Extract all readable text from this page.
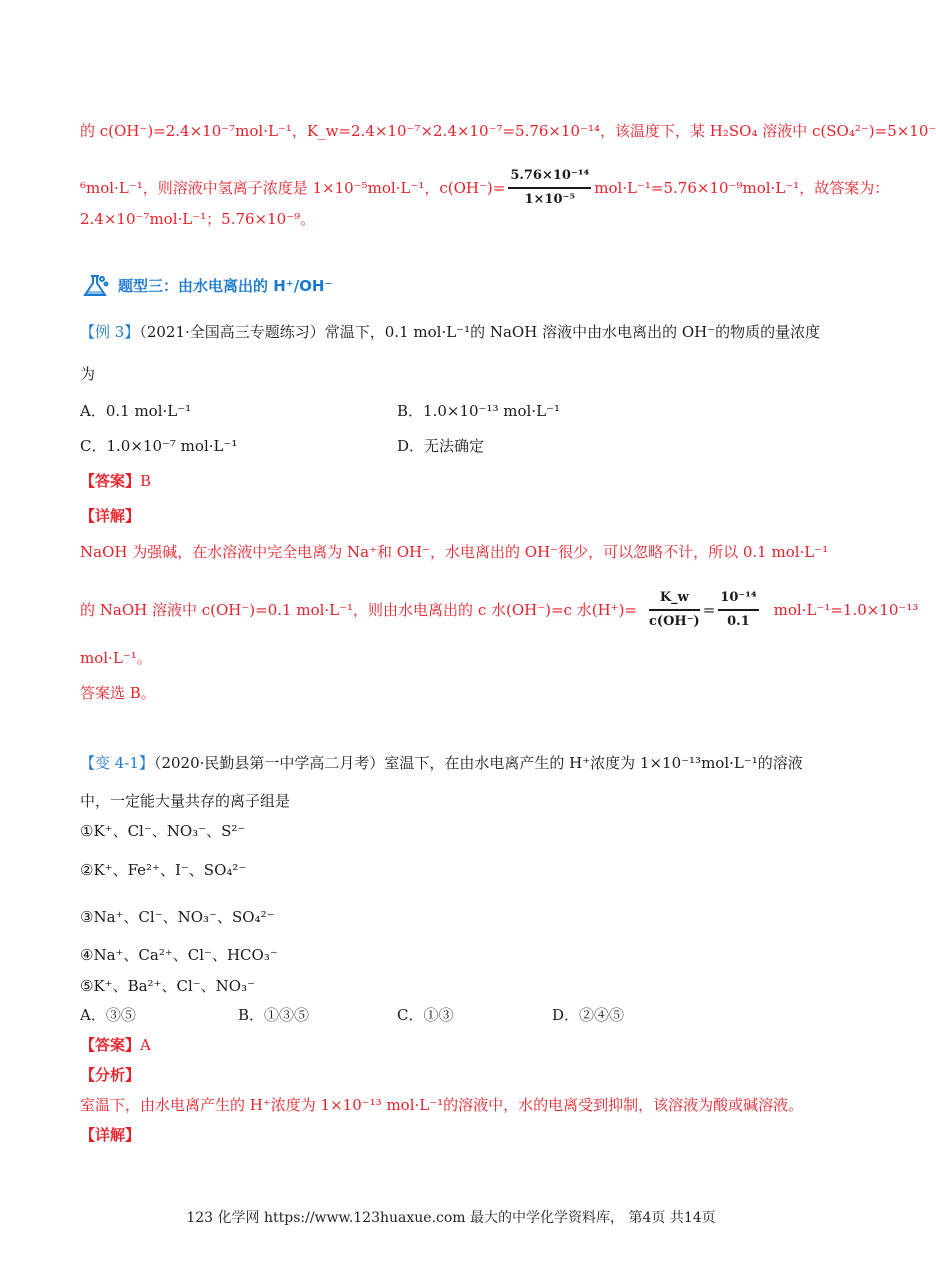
的 c(OH⁻)=2.4×10⁻⁷mol·L⁻¹，K_w=2.4×10⁻⁷×2.4×10⁻⁷=5.76×10⁻¹⁴，该温度下，某 H₂SO₄ 溶液中 c(SO₄²⁻)=5×10⁻
⁶mol·L⁻¹，则溶液中氢离子浓度是 1×10⁻⁵mol·L⁻¹，$c(OH^-)= \frac{\text{5.76×10⁻¹⁴}}{\text{1×10⁻⁵}} mol\cdot L^{-1}=5.76\times 10^{-9}mol\cdot L^{-1}$，故答案为：
2.4×10⁻⁷mol·L⁻¹；5.76×10⁻⁹。
题型三：由水电离出的 H⁺/OH⁻
【例 3】（2021·全国高三专题练习）常温下，0.1 mol·L⁻¹的 NaOH 溶液中由水电离出的 OH⁻的物质的量浓度
为
A．0.1 mol·L⁻¹	B．1.0×10⁻¹³ mol·L⁻¹
C．1.0×10⁻⁷ mol·L⁻¹	D．无法确定
【答案】B
【详解】
NaOH 为强碱，在水溶液中完全电离为 Na⁺和 OH⁻，水电离出的 OH⁻很少，可以忽略不计，所以 0.1 mol·L⁻¹
的 NaOH 溶液中 c(OH⁻)=0.1 mol·L⁻¹，则由水电离出的 c 水(OH⁻)=c 水$(H^+)= \frac{K\_w}{c(OH^-)} = \frac{\text{10⁻¹⁴}}{0.1} mol\cdot L^{-1}=1.0\times 10^{-13}$
mol·L⁻¹。
答案选 B。
【变 4-1】（2020·民勤县第一中学高二月考）室温下，在由水电离产生的 H⁺浓度为 1×10⁻¹³mol·L⁻¹的溶液
中，一定能大量共存的离子组是
①K⁺、Cl⁻、NO₃⁻、S²⁻
②K⁺、Fe²⁺、I⁻、SO₄²⁻
③Na⁺、Cl⁻、NO₃⁻、SO₄²⁻
④Na⁺、Ca²⁺、Cl⁻、HCO₃⁻
⑤K⁺、Ba²⁺、Cl⁻、NO₃⁻
A．③⑤	B．①③⑤	C．①③	D．②④⑤
【答案】A
【分析】
室温下，由水电离产生的 H⁺浓度为 1×10⁻¹³ mol·L⁻¹的溶液中，水的电离受到抑制，该溶液为酸或碱溶液。
【详解】
123 化学网 https://www.123huaxue.com 最大的中学化学资料库， 第4页 共14页
